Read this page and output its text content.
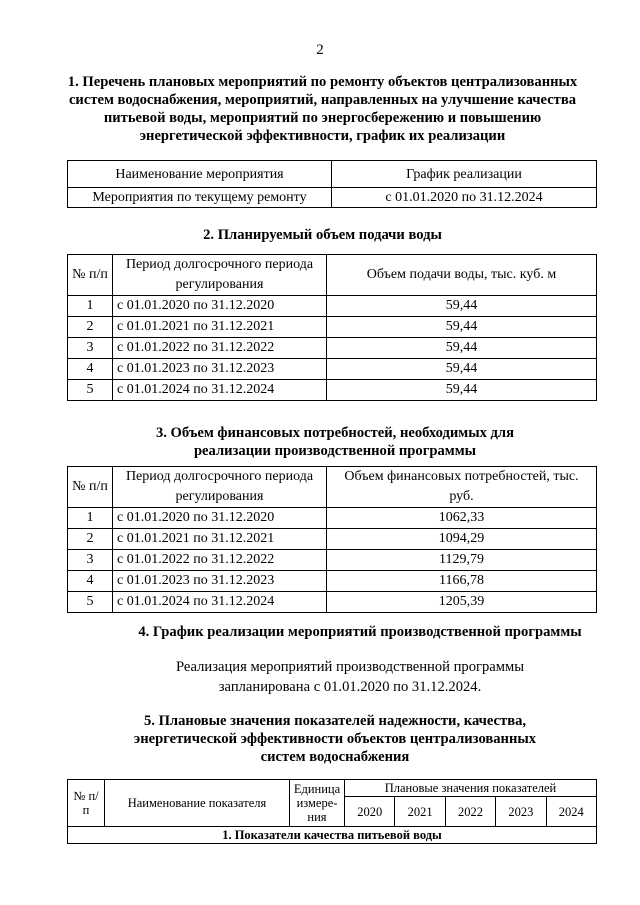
2

1. Перечень плановых мероприятий по ремонту объектов централизованных систем водоснабжения, мероприятий, направленных на улучшение качества питьевой воды, мероприятий по энергосбережению и повышению энергетической эффективности, график их реализации

Наименование мероприятия	График реализации
Мероприятия по текущему ремонту	с 01.01.2020 по 31.12.2024

2. Планируемый объем подачи воды

№ п/п	Период долгосрочного периода регулирования	Объем подачи воды, тыс. куб. м
1	с 01.01.2020 по 31.12.2020	59,44
2	с 01.01.2021 по 31.12.2021	59,44
3	с 01.01.2022 по 31.12.2022	59,44
4	с 01.01.2023 по 31.12.2023	59,44
5	с 01.01.2024 по 31.12.2024	59,44

3. Объем финансовых потребностей, необходимых для реализации производственной программы

№ п/п	Период долгосрочного периода регулирования	Объем финансовых потребностей, тыс. руб.
1	с 01.01.2020 по 31.12.2020	1062,33
2	с 01.01.2021 по 31.12.2021	1094,29
3	с 01.01.2022 по 31.12.2022	1129,79
4	с 01.01.2023 по 31.12.2023	1166,78
5	с 01.01.2024 по 31.12.2024	1205,39

4. График реализации мероприятий производственной программы

Реализация мероприятий производственной программы запланирована с 01.01.2020 по 31.12.2024.

5. Плановые значения показателей надежности, качества, энергетической эффективности объектов централизованных систем водоснабжения

№ п/п	Наименование показателя	Единица измере-ния	Плановые значения показателей				
			2020	2021	2022	2023	2024
1. Показатели качества питьевой воды							
